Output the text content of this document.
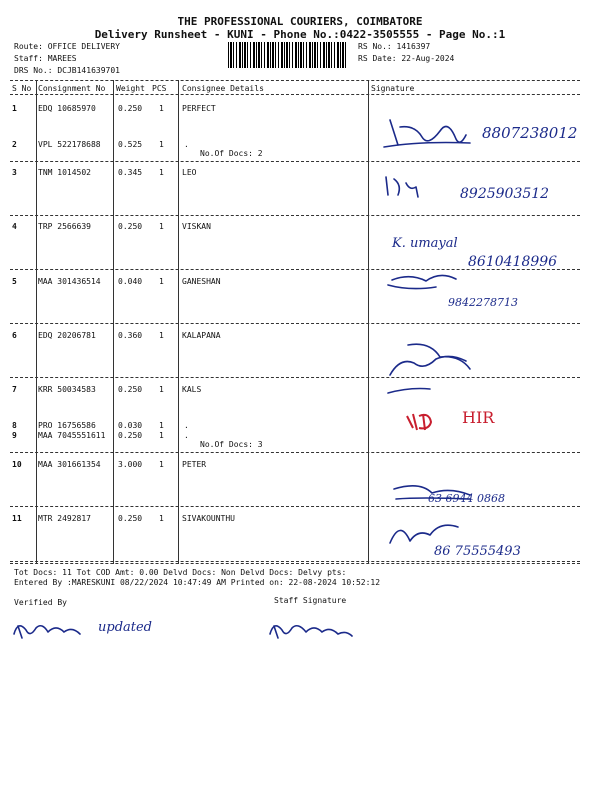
THE PROFESSIONAL COURIERS, COIMBATORE
Delivery Runsheet - KUNI - Phone No.:0422-3505555 - Page No.:1
Route: OFFICE DELIVERY
Staff: MAREES
DRS No.: DCJB141639701
RS No.: 1416397
RS Date: 22-Aug-2024
S No Consignment No Weight PCS Consignee Details	Signature
1	EDQ 10685970	0.250 1 PERFECT
2	VPL 522178688 0.525 1	.
No.Of Docs: 2
3	TNM 1014502	0.345 1 LEO
4	TRP 2566639	0.250 1 VISKAN
5	MAA 301436514 0.040 1 GANESHAN
6	EDQ 20206781	0.360 1 KALAPANA
7	KRR 50034583	0.250 1 KALS
8	PRO 16756586	0.030 1	.
9	MAA 7045551611 0.250 1	.
No.Of Docs: 3
10 MAA 301661354 3.000 1 PETER
11 MTR 2492817	0.250 1 SIVAKOUNTHU
8807238012
8925903512
K. umayal
8610418996
9842278713
HIR
63 6944 0868
86 75555493
Tot Docs: 11 Tot COD Amt: 0.00 Delvd Docs: Non Delvd Docs: Delvy pts:
Entered By :MARESKUNI 08/22/2024 10:47:49 AM Printed on: 22-08-2024 10:52:12
Verified By	Staff Signature
updated
